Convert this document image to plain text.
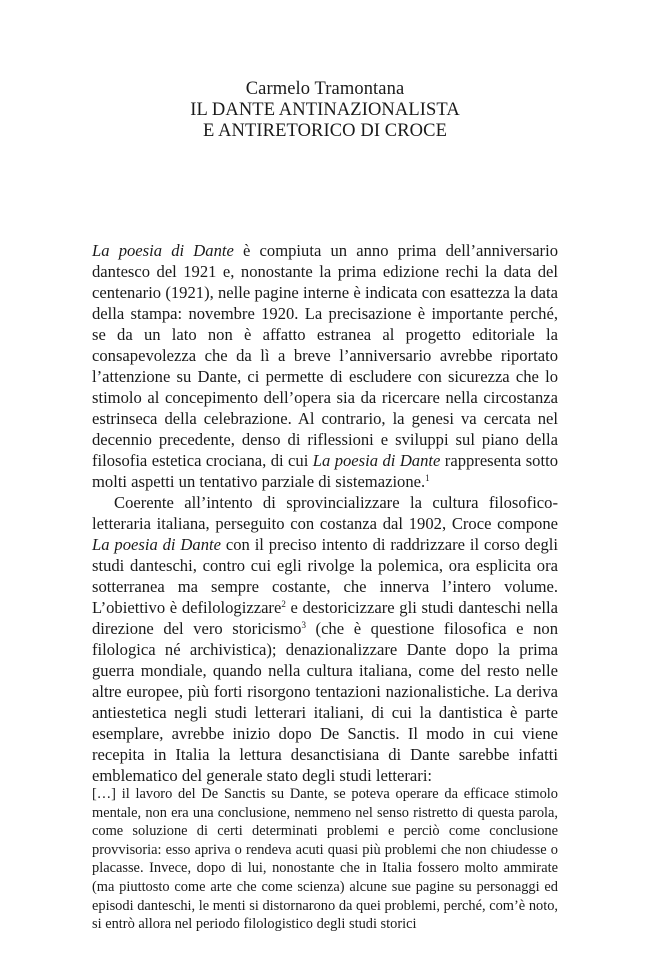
Carmelo Tramontana
IL DANTE ANTINAZIONALISTA
E ANTIRETORICO DI CROCE

La poesia di Dante è compiuta un anno prima dell’anniversario dantesco del 1921 e, nonostante la prima edizione rechi la data del centenario (1921), nelle pagine interne è indicata con esattezza la data della stampa: novembre 1920. La precisazione è importante perché, se da un lato non è affatto estranea al progetto editoriale la consapevolezza che da lì a breve l’anniversario avrebbe riportato l’attenzione su Dante, ci permette di escludere con sicurezza che lo stimolo al concepimento dell’opera sia da ricercare nella circostanza estrinseca della celebrazione. Al contrario, la genesi va cercata nel decennio precedente, denso di riflessioni e sviluppi sul piano della filosofia estetica crociana, di cui La poesia di Dante rappresenta sotto molti aspetti un tentativo parziale di sistemazione.$^1$

Coerente all’intento di sprovincializzare la cultura filosofico-letteraria italiana, perseguito con costanza dal 1902, Croce compone La poesia di Dante con il preciso intento di raddrizzare il corso degli studi danteschi, contro cui egli rivolge la polemica, ora esplicita ora sotterranea ma sempre costante, che innerva l’intero volume. L’obiettivo è defilologizzare$^2$ e destoricizzare gli studi danteschi nella direzione del vero storicismo$^3$ (che è questione filosofica e non filologica né archivistica); denazionalizzare Dante dopo la prima guerra mondiale, quando nella cultura italiana, come del resto nelle altre europee, più forti risorgono tentazioni nazionalistiche. La deriva antiestetica negli studi letterari italiani, di cui la dantistica è parte esemplare, avrebbe inizio dopo De Sanctis. Il modo in cui viene recepita in Italia la lettura desanctisiana di Dante sarebbe infatti emblematico del generale stato degli studi letterari:

[…] il lavoro del De Sanctis su Dante, se poteva operare da efficace stimolo mentale, non era una conclusione, nemmeno nel senso ristretto di questa parola, come soluzione di certi determinati problemi e perciò come conclusione provvisoria: esso apriva o rendeva acuti quasi più problemi che non chiudesse o placasse. Invece, dopo di lui, nonostante che in Italia fossero molto ammirate (ma piuttosto come arte che come scienza) alcune sue pagine su personaggi ed episodi danteschi, le menti si distornarono da quei problemi, perché, com’è noto, si entrò allora nel periodo filologistico degli studi storici
